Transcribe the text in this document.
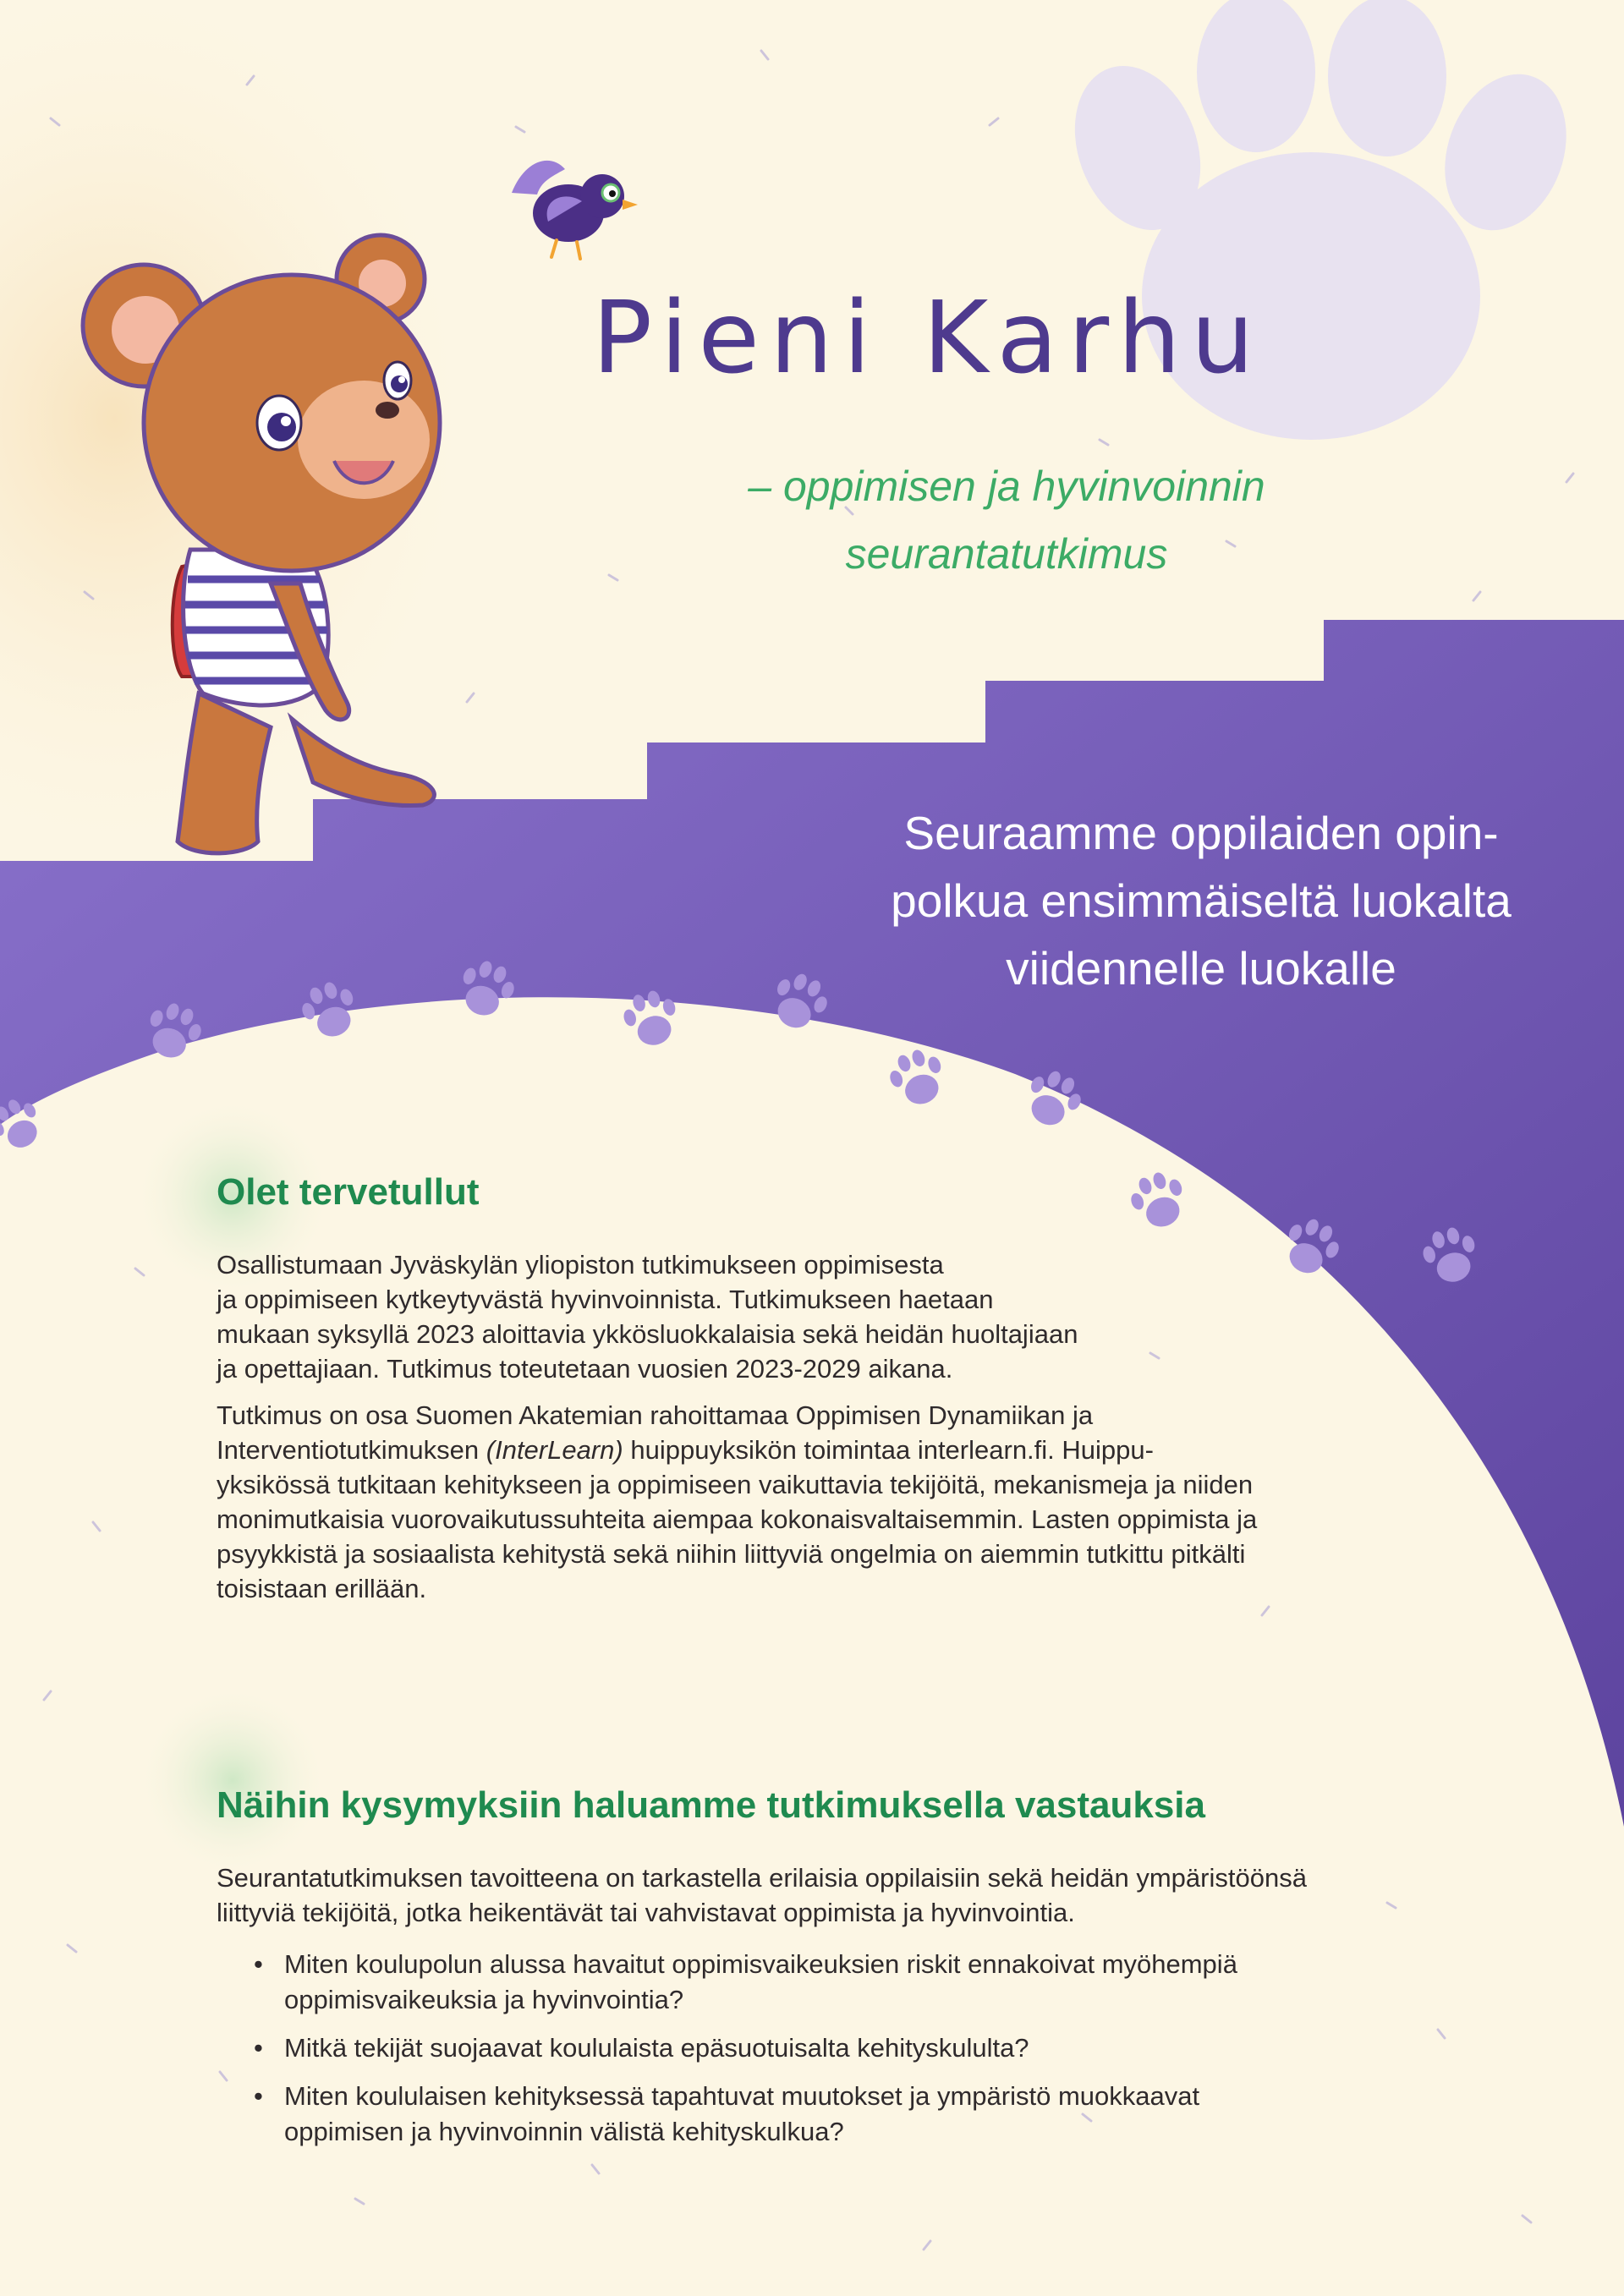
Pieni Karhu

– oppimisen ja hyvinvoinnin
seurantatutkimus

Seuraamme oppilaiden opin-
polkua ensimmäiseltä luokalta
viidennelle luokalle

Olet tervetullut

Osallistumaan Jyväskylän yliopiston tutkimukseen oppimisesta
ja oppimiseen kytkeytyvästä hyvinvoinnista. Tutkimukseen haetaan
mukaan syksyllä 2023 aloittavia ykkösluokkalaisia sekä heidän huoltajiaan
ja opettajiaan. Tutkimus toteutetaan vuosien 2023-2029 aikana.

Tutkimus on osa Suomen Akatemian rahoittamaa Oppimisen Dynamiikan ja
Interventiotutkimuksen (InterLearn) huippuyksikön toimintaa interlearn.fi. Huippu-
yksikössä tutkitaan kehitykseen ja oppimiseen vaikuttavia tekijöitä, mekanismeja ja niiden
monimutkaisia vuorovaikutussuhteita aiempaa kokonaisvaltaisemmin. Lasten oppimista ja
psyykkistä ja sosiaalista kehitystä sekä niihin liittyviä ongelmia on aiemmin tutkittu pitkälti
toisistaan erillään.

Näihin kysymyksiin haluamme tutkimuksella vastauksia

Seurantatutkimuksen tavoitteena on tarkastella erilaisia oppilaisiin sekä heidän ympäristöönsä
liittyviä tekijöitä, jotka heikentävät tai vahvistavat oppimista ja hyvinvointia.

• Miten koulupolun alussa havaitut oppimisvaikeuksien riskit ennakoivat myöhempiä
oppimisvaikeuksia ja hyvinvointia?
• Mitkä tekijät suojaavat koululaista epäsuotuisalta kehityskululta?
• Miten koululaisen kehityksessä tapahtuvat muutokset ja ympäristö muokkaavat
oppimisen ja hyvinvoinnin välistä kehityskulkua?
